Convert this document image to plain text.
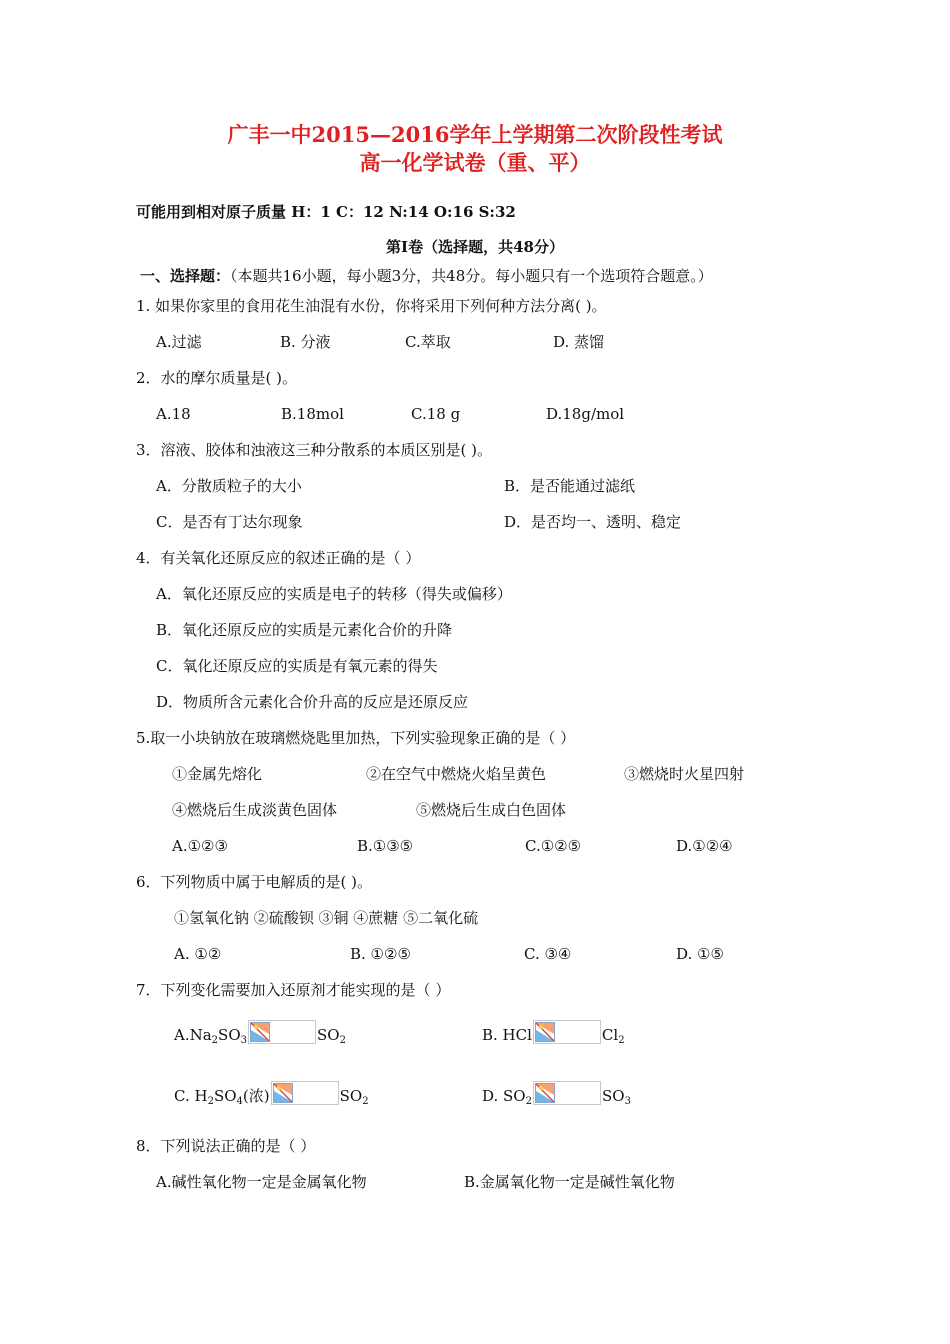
广丰一中2015—2016学年上学期第二次阶段性考试
高一化学试卷（重、平）
可能用到相对原子质量 H：1 C：12 N:14 O:16 S:32
第Ⅰ卷（选择题，共48分）
一、选择题：（本题共16小题，每小题3分，共48分。每小题只有一个选项符合题意。）
1. 如果你家里的食用花生油混有水份，你将采用下列何种方法分离( )。
A.过滤	B. 分液	C.萃取	D. 蒸馏
2．水的摩尔质量是( )。
A.18	B.18mol	C.18 g	D.18g/mol
3．溶液、胶体和浊液这三种分散系的本质区别是( )。
A．分散质粒子的大小	B．是否能通过滤纸
C．是否有丁达尔现象	D．是否均一、透明、稳定
4．有关氧化还原反应的叙述正确的是（ ）
A．氧化还原反应的实质是电子的转移（得失或偏移）
B．氧化还原反应的实质是元素化合价的升降
C．氧化还原反应的实质是有氧元素的得失
D．物质所含元素化合价升高的反应是还原反应
5.取一小块钠放在玻璃燃烧匙里加热，下列实验现象正确的是（ ）
①金属先熔化	②在空气中燃烧火焰呈黄色	③燃烧时火星四射
④燃烧后生成淡黄色固体	⑤燃烧后生成白色固体
A.①②③	B.①③⑤	C.①②⑤	D.①②④
6．下列物质中属于电解质的是( )。
①氢氧化钠 ②硫酸钡 ③铜 ④蔗糖 ⑤二氧化硫
A. ①②	B. ①②⑤	C. ③④	D. ①⑤
7．下列变化需要加入还原剂才能实现的是（ ）
$A.Na_2SO_3$	$SO_2$	B. HCl	$Cl_2$
C. $H_2SO_4$(浓)	$SO_2$	D. $SO_2$	$SO_3$
8．下列说法正确的是（ ）
A.碱性氧化物一定是金属氧化物	B.金属氧化物一定是碱性氧化物
